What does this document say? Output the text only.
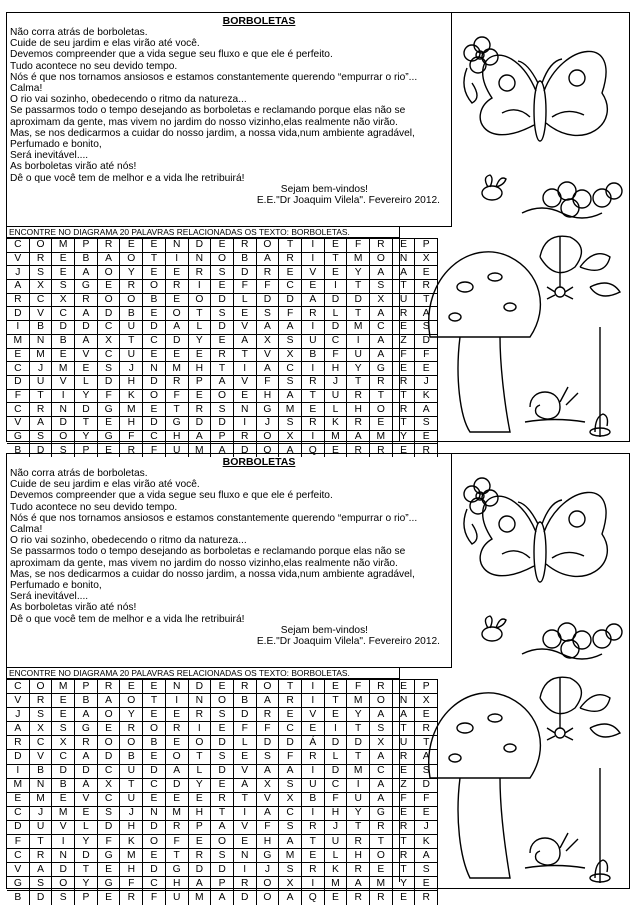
BORBOLETAS
Não corra atrás de borboletas.
Cuide de seu jardim e elas virão até você.
Devemos compreender que a vida segue seu fluxo e que ele é perfeito.
Tudo acontece no seu devido tempo.
Nós é que nos tornamos ansiosos e estamos constantemente querendo “empurrar o rio”...
Calma!
O rio vai sozinho, obedecendo o ritmo da natureza...
Se passarmos todo o tempo desejando as borboletas e reclamando porque elas não se
aproximam da gente, mas vivem no jardim do nosso vizinho,elas realmente não virão.
Mas, se nos dedicarmos a cuidar do nosso jardim, a nossa vida,num ambiente agradável,
Perfumado e bonito,
Será inevitável....
As borboletas virão até nós!
Dê o que você tem de melhor e a vida lhe retribuirá!
Sejam bem-vindos!
E.E."Dr Joaquim Vilela". Fevereiro 2012.
ENCONTRE NO DIAGRAMA 20 PALAVRAS RELACIONADAS OS TEXTO: BORBOLETAS.
C	O	M	P	R	E	E	N	D	E	R	O	T	I	E	F	R	E	P
V	R	E	B	A	O	T	I	N	O	B	A	R	I	T	M	O	N	X
J	S	E	A	O	Y	E	E	R	S	D	R	E	V	E	Y	A	A	E
A	X	S	G	E	R	O	R	I	E	F	F	C	E	I	T	S	T	R
R	C	X	R	O	O	B	E	O	D	L	D	D	Á	D	D	X	U	T
D	V	C	A	D	B	E	O	T	S	E	S	F	R	L	T	A	R	A
I	B	D	D	C	U	D	A	L	D	V	A	A	I	D	M	C	E	S
M	N	B	Á	X	T	C	D	Y	E	Á	X	S	U	C	I	A	Z	D
E	M	E	V	C	U	E	E	E	R	T	V	X	B	F	U	A	F	F
C	J	M	E	S	J	N	M	H	T	I	A	C	I	H	Y	G	E	E
D	U	V	L	D	H	D	R	P	A	V	F	S	R	J	T	R	R	J
F	T	I	Y	F	K	O	F	E	O	E	H	A	T	U	R	T	T	K
C	R	N	D	G	M	E	T	R	S	N	G	M	E	L	H	O	R	A
V	A	D	T	E	H	D	G	D	D	I	J	S	R	K	R	E	T	S
G	S	O	Y	G	F	C	H	A	P	R	O	X	I	M	A	M	Y	E
B	D	S	P	E	R	F	U	M	A	D	O	A	Q	E	R	R	E	R
BORBOLETAS
Não corra atrás de borboletas.
Cuide de seu jardim e elas virão até você.
Devemos compreender que a vida segue seu fluxo e que ele é perfeito.
Tudo acontece no seu devido tempo.
Nós é que nos tornamos ansiosos e estamos constantemente querendo “empurrar o rio”...
Calma!
O rio vai sozinho, obedecendo o ritmo da natureza...
Se passarmos todo o tempo desejando as borboletas e reclamando porque elas não se
aproximam da gente, mas vivem no jardim do nosso vizinho,elas realmente não virão.
Mas, se nos dedicarmos a cuidar do nosso jardim, a nossa vida,num ambiente agradável,
Perfumado e bonito,
Será inevitável....
As borboletas virão até nós!
Dê o que você tem de melhor e a vida lhe retribuirá!
Sejam bem-vindos!
E.E."Dr Joaquim Vilela". Fevereiro 2012.
ENCONTRE NO DIAGRAMA 20 PALAVRAS RELACIONADAS OS TEXTO: BORBOLETAS.
C	O	M	P	R	E	E	N	D	E	R	O	T	I	E	F	R	E	P
V	R	E	B	A	O	T	I	N	O	B	A	R	I	T	M	O	N	X
J	S	E	A	O	Y	E	E	R	S	D	R	E	V	E	Y	A	A	E
A	X	S	G	E	R	O	R	I	E	F	F	C	E	I	T	S	T	R
R	C	X	R	O	O	B	E	O	D	L	D	D	Á	D	D	X	U	T
D	V	C	A	D	B	E	O	T	S	E	S	F	R	L	T	A	R	A
I	B	D	D	C	U	D	A	L	D	V	A	A	I	D	M	C	E	S
M	N	B	Á	X	T	C	D	Y	E	Á	X	S	U	C	I	A	Z	D
E	M	E	V	C	U	E	E	E	R	T	V	X	B	F	U	A	F	F
C	J	M	E	S	J	N	M	H	T	I	A	C	I	H	Y	G	E	E
D	U	V	L	D	H	D	R	P	A	V	F	S	R	J	T	R	R	J
F	T	I	Y	F	K	O	F	E	O	E	H	A	T	U	R	T	T	K
C	R	N	D	G	M	E	T	R	S	N	G	M	E	L	H	O	R	A
V	A	D	T	E	H	D	G	D	D	I	J	S	R	K	R	E	T	S
G	S	O	Y	G	F	C	H	A	P	R	O	X	I	M	A	M	Y	E
B	D	S	P	E	R	F	U	M	A	D	O	A	Q	E	R	R	E	R
